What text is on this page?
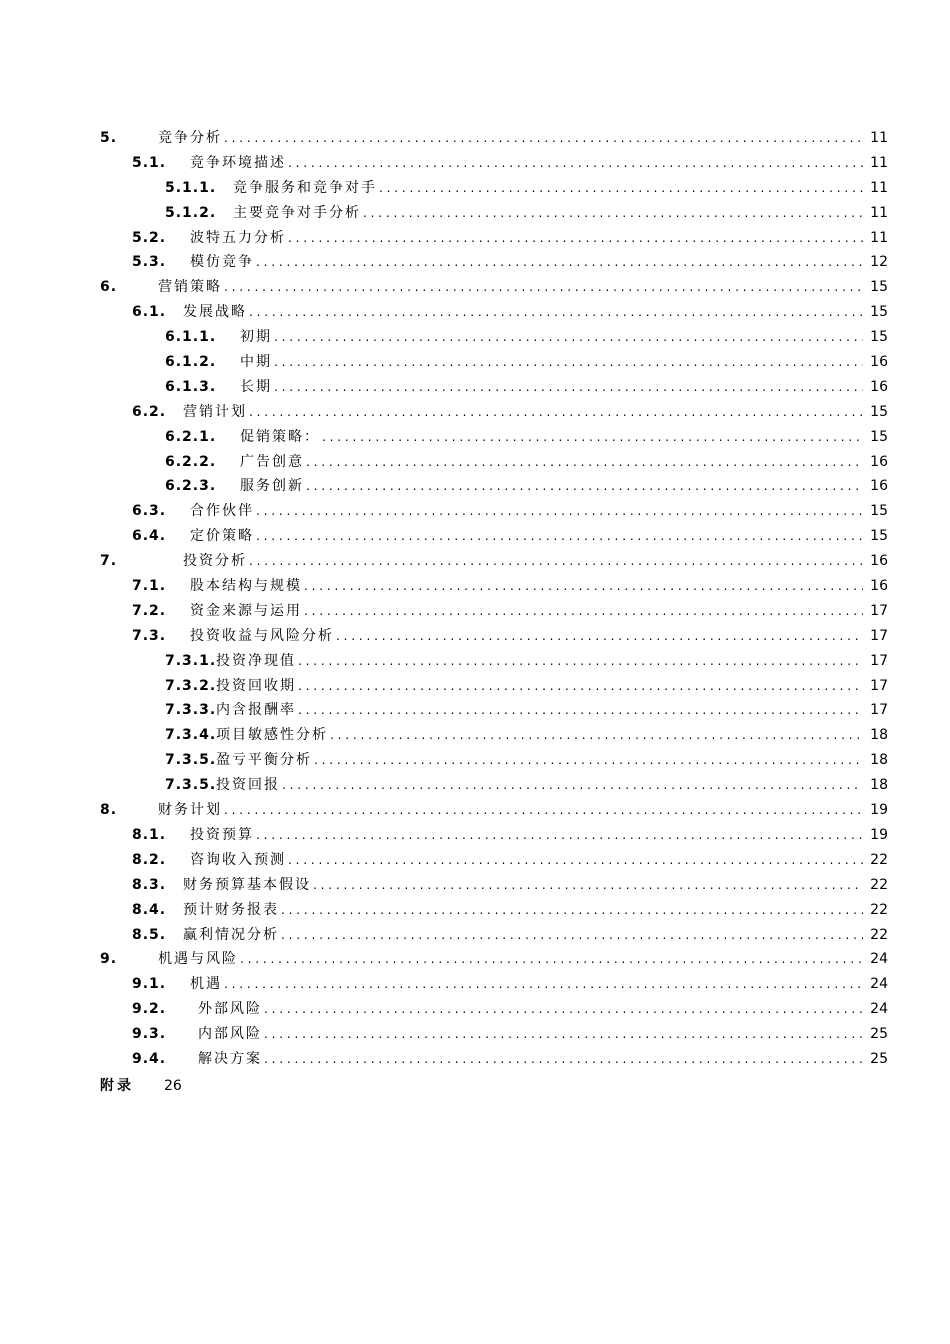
5.	竞争分析 . . .	11
5.1. 竞争环境描述 . . .	11
5.1.1. 竞争服务和竞争对手 . . .	11
5.1.2. 主要竞争对手分析 . . .	11
5.2. 波特五力分析 . . .	11
5.3. 模仿竞争 . . .	12
6.	营销策略 . . .	15
6.1. 发展战略 . . .	15
6.1.1. 初期 . . .	15
6.1.2. 中期 . . .	16
6.1.3. 长期 . . .	16
6.2. 营销计划 . . .	15
6.2.1. 促销策略： . . .	15
6.2.2. 广告创意 . . .	16
6.2.3. 服务创新 . . .	16
6.3. 合作伙伴 . . .	15
6.4. 定价策略 . . .	15
7.	投资分析 . . .	16
7.1. 股本结构与规模 . . .	16
7.2. 资金来源与运用 . . .	17
7.3. 投资收益与风险分析 . . .	17
7.3.1. 投资净现值 . . .	17
7.3.2. 投资回收期 . . .	17
7.3.3. 内含报酬率 . . .	17
7.3.4. 项目敏感性分析 . . .	18
7.3.5. 盈亏平衡分析 . . .	18
7.3.5. 投资回报 . . .	18
8.	财务计划 . . .	19
8.1. 投资预算 . . .	19
8.2. 咨询收入预测 . . .	22
8.3. 财务预算基本假设 . . .	22
8.4. 预计财务报表 . . .	22
8.5. 赢利情况分析 . . .	22
9.	机遇与风险 . . .	24
9.1. 机遇 . . .	24
9.2. 外部风险 . . .	24
9.3. 内部风险 . . .	25
9.4. 解决方案 . . .	25
附录 26
